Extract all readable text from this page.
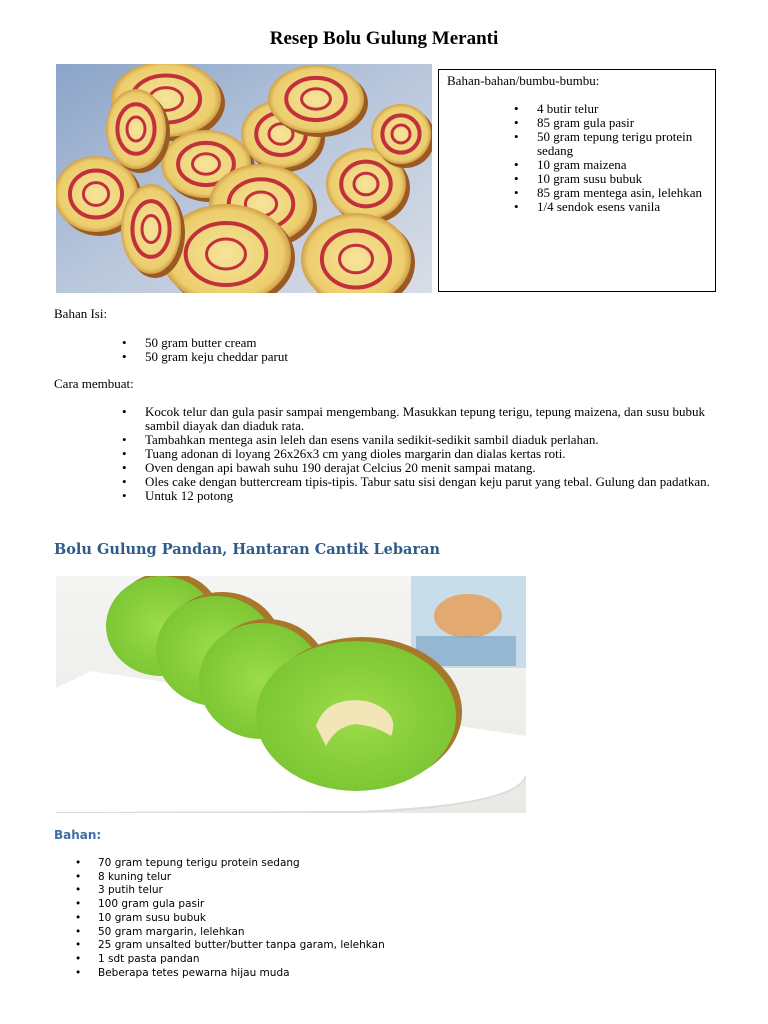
Resep Bolu Gulung Meranti
Bahan-bahan/bumbu-bumbu:
• 4 butir telur
• 85 gram gula pasir
• 50 gram tepung terigu protein sedang
• 10 gram maizena
• 10 gram susu bubuk
• 85 gram mentega asin, lelehkan
• 1/4 sendok esens vanila
Bahan Isi:
• 50 gram butter cream
• 50 gram keju cheddar parut
Cara membuat:
• Kocok telur dan gula pasir sampai mengembang. Masukkan tepung terigu, tepung maizena, dan susu bubuk sambil diayak dan diaduk rata.
• Tambahkan mentega asin leleh dan esens vanila sedikit-sedikit sambil diaduk perlahan.
• Tuang adonan di loyang 26x26x3 cm yang dioles margarin dan dialas kertas roti.
• Oven dengan api bawah suhu 190 derajat Celcius 20 menit sampai matang.
• Oles cake dengan buttercream tipis-tipis. Tabur satu sisi dengan keju parut yang tebal. Gulung dan padatkan.
• Untuk 12 potong
Bolu Gulung Pandan, Hantaran Cantik Lebaran
Bahan:
• 70 gram tepung terigu protein sedang
• 8 kuning telur
• 3 putih telur
• 100 gram gula pasir
• 10 gram susu bubuk
• 50 gram margarin, lelehkan
• 25 gram unsalted butter/butter tanpa garam, lelehkan
• 1 sdt pasta pandan
• Beberapa tetes pewarna hijau muda
